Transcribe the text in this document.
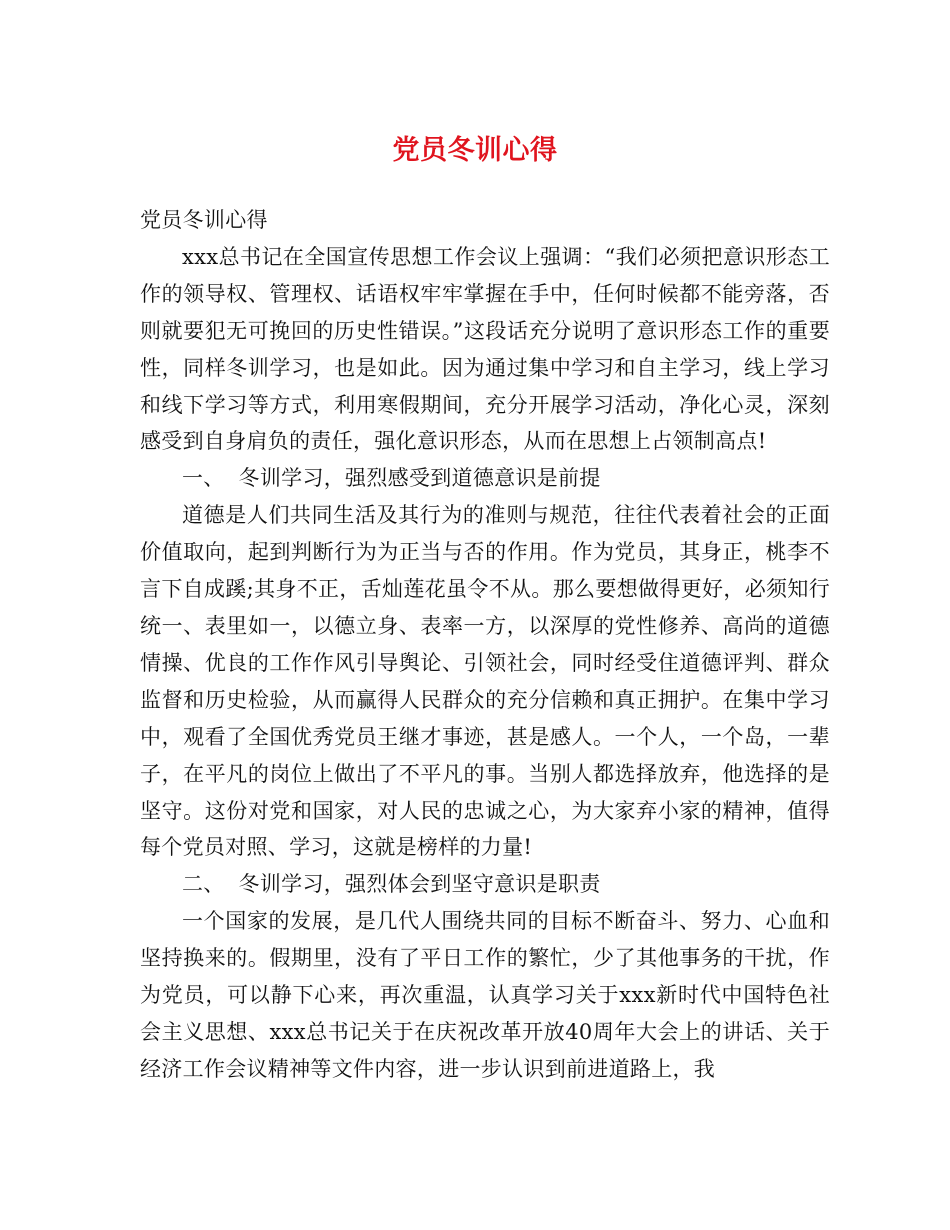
党员冬训心得

党员冬训心得

xxx总书记在全国宣传思想工作会议上强调：“我们必须把意识形态工作的领导权、管理权、话语权牢牢掌握在手中，任何时候都不能旁落，否则就要犯无可挽回的历史性错误。”这段话充分说明了意识形态工作的重要性，同样冬训学习，也是如此。因为通过集中学习和自主学习，线上学习和线下学习等方式，利用寒假期间，充分开展学习活动，净化心灵，深刻感受到自身肩负的责任，强化意识形态，从而在思想上占领制高点!

一、  冬训学习，强烈感受到道德意识是前提

道德是人们共同生活及其行为的准则与规范，往往代表着社会的正面价值取向，起到判断行为为正当与否的作用。作为党员，其身正，桃李不言下自成蹊;其身不正，舌灿莲花虽令不从。那么要想做得更好，必须知行统一、表里如一，以德立身、表率一方，以深厚的党性修养、高尚的道德情操、优良的工作作风引导舆论、引领社会，同时经受住道德评判、群众监督和历史检验，从而赢得人民群众的充分信赖和真正拥护。在集中学习中，观看了全国优秀党员王继才事迹，甚是感人。一个人，一个岛，一辈子，在平凡的岗位上做出了不平凡的事。当别人都选择放弃，他选择的是坚守。这份对党和国家，对人民的忠诚之心，为大家弃小家的精神，值得每个党员对照、学习，这就是榜样的力量!

二、  冬训学习，强烈体会到坚守意识是职责

一个国家的发展，是几代人围绕共同的目标不断奋斗、努力、心血和坚持换来的。假期里，没有了平日工作的繁忙，少了其他事务的干扰，作为党员，可以静下心来，再次重温，认真学习关于xxx新时代中国特色社会主义思想、xxx总书记关于在庆祝改革开放40周年大会上的讲话、关于经济工作会议精神等文件内容，进一步认识到前进道路上，我
